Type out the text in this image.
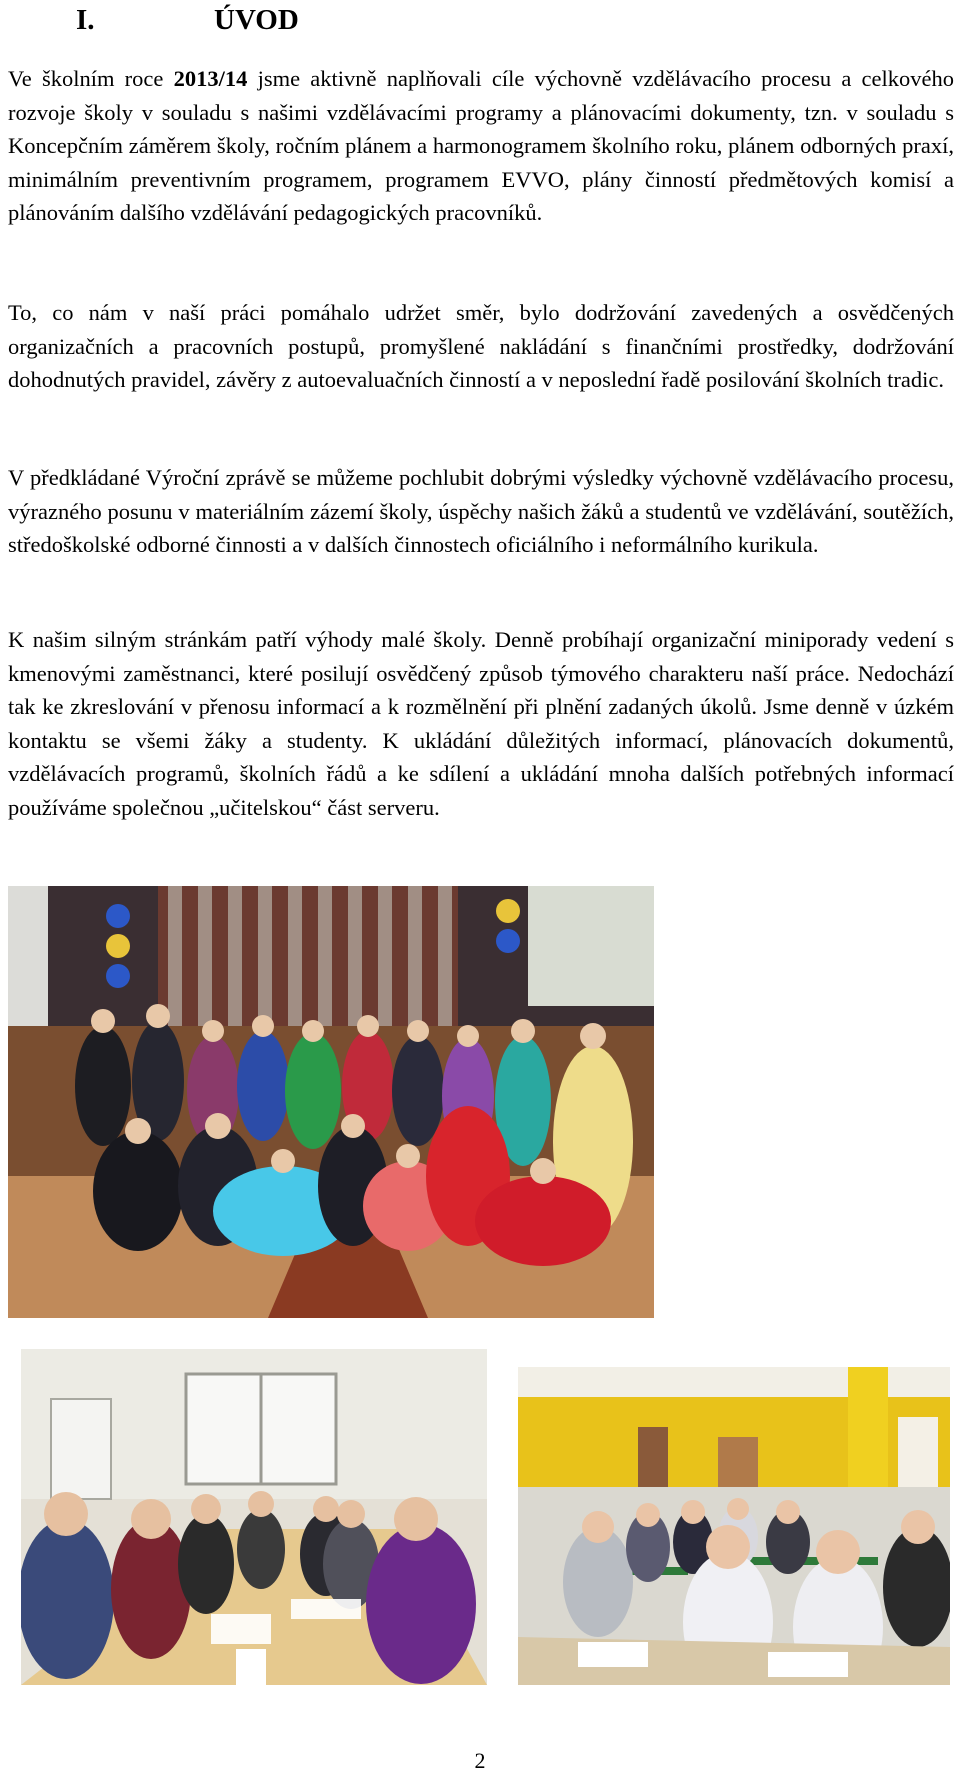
I.	ÚVOD

Ve školním roce 2013/14 jsme aktivně naplňovali cíle výchovně vzdělávacího procesu a celkového rozvoje školy v souladu s našimi vzdělávacími programy a plánovacími dokumenty, tzn. v souladu s Koncepčním záměrem školy, ročním plánem a harmonogramem školního roku, plánem odborných praxí, minimálním preventivním programem, programem EVVO, plány činností předmětových komisí a plánováním dalšího vzdělávání pedagogických pracovníků.

To, co nám v naší práci pomáhalo udržet směr, bylo dodržování zavedených a osvědčených organizačních a pracovních postupů, promyšlené nakládání s finančními prostředky, dodržování dohodnutých pravidel, závěry z autoevaluačních činností a v neposlední řadě posilování školních tradic.

V předkládané Výroční zprávě se můžeme pochlubit dobrými výsledky výchovně vzdělávacího procesu, výrazného posunu v materiálním zázemí školy, úspěchy našich žáků a studentů ve vzdělávání, soutěžích, středoškolské odborné činnosti a v dalších činnostech oficiálního i neformálního kurikula.

K našim silným stránkám patří výhody malé školy. Denně probíhají organizační miniporady vedení s kmenovými zaměstnanci, které posilují osvědčený způsob týmového charakteru naší práce. Nedochází tak ke zkreslování v přenosu informací a k rozmělnění při plnění zadaných úkolů. Jsme denně v úzkém kontaktu se všemi žáky a studenty. K ukládání důležitých informací, plánovacích dokumentů, vzdělávacích programů, školních řádů a ke sdílení a ukládání mnoha dalších potřebných informací používáme společnou „učitelskou“ část serveru.

2
